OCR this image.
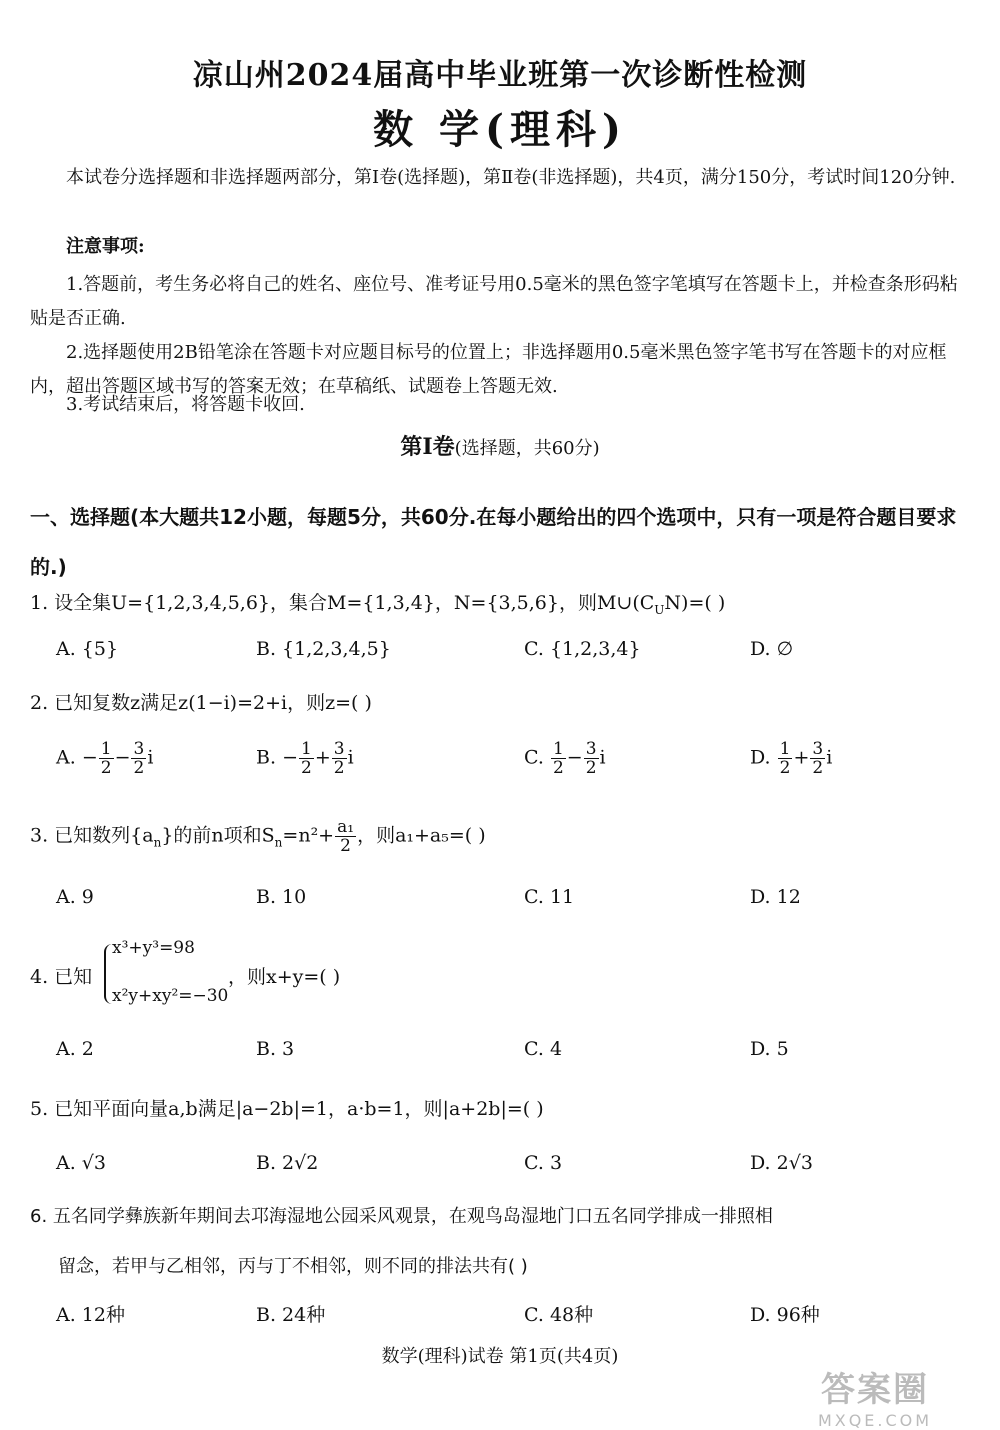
凉山州2024届高中毕业班第一次诊断性检测
数 学(理科)
本试卷分选择题和非选择题两部分，第Ⅰ卷(选择题)，第Ⅱ卷(非选择题)，共4页，满分150分，考试时间120分钟.
注意事项:
1.答题前，考生务必将自己的姓名、座位号、准考证号用0.5毫米的黑色签字笔填写在答题卡上，并检查条形码粘贴是否正确.
2.选择题使用2B铅笔涂在答题卡对应题目标号的位置上；非选择题用0.5毫米黑色签字笔书写在答题卡的对应框内，超出答题区域书写的答案无效；在草稿纸、试题卷上答题无效.
3.考试结束后，将答题卡收回.
第Ⅰ卷(选择题，共60分)
一、选择题(本大题共12小题，每题5分，共60分.在每小题给出的四个选项中，只有一项是符合题目要求的.)
1. 设全集U={1,2,3,4,5,6}，集合M={1,3,4}，N={3,5,6}，则$M\cup(C_UN)=$( )
A. {5}	B. {1,2,3,4,5}	C. {1,2,3,4}	D. ∅
2. 已知复数z满足z(1−i)=2+i，则z=( )
A. − $\frac{1}{2} - \frac{3}{2}$ i	B. − $\frac{1}{2} + \frac{3}{2}$ i	C. $\frac{1}{2} - \frac{3}{2}$ i	D. $\frac{1}{2} + \frac{3}{2}$ i
3. 已知数列$\{a_n\}$的前n项和$S_n=n^2+ \frac{\text{a₁}}{2}$ ，则a₁+a₅=( )
A. 9	B. 10	C. 11	D. 12
4. 已知
x³+y³=98
x²y+xy²=−30
，则x+y=( )
A. 2	B. 3	C. 4	D. 5
5. 已知平面向量a,b满足|a−2b|=1，a·b=1，则|a+2b|=( )
A. √3	B. 2√2	C. 3	D. 2√3
6. 五名同学彝族新年期间去邛海湿地公园采风观景，在观鸟岛湿地门口五名同学排成一排照相
留念，若甲与乙相邻，丙与丁不相邻，则不同的排法共有( )
A. 12种	B. 24种	C. 48种	D. 96种
数学(理科)试卷 第1页(共4页)
答案圈
MXQE.COM
